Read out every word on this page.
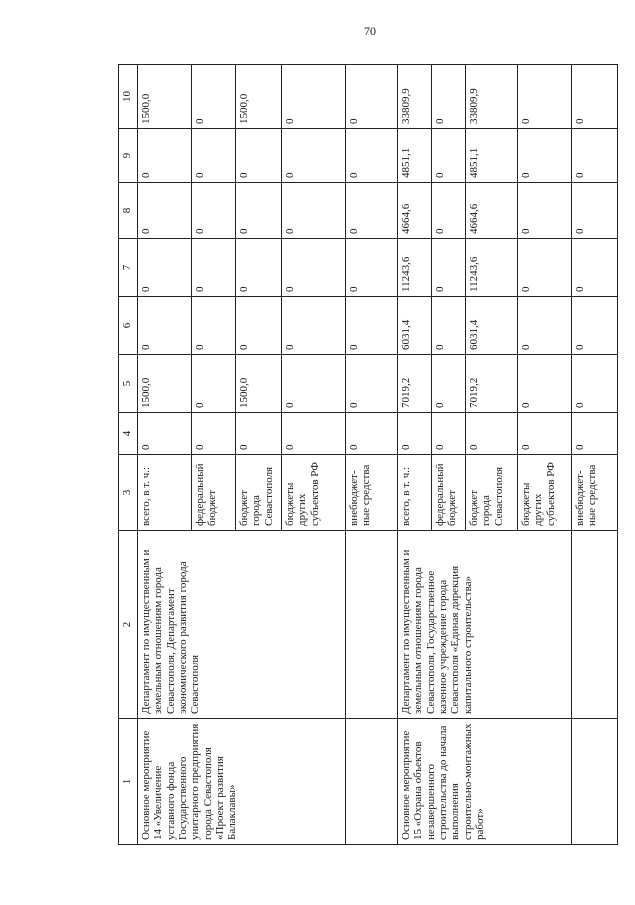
70
1	2	3	4	5	6	7	8	9	10
Основное мероприятие 14 «Увеличение уставного фонда Государственного унитарного предприятия города Севастополя «Проект развития Балаклавы»	Департамент по имущественным и земельным отношениям города Севастополя, Департамент экономического развития города Севастополя	всего, в т. ч.:	0	1500,0	0	0	0	0	1500,0
		федеральный бюджет	0	0	0	0	0	0	0
		бюджет города Севастополя	0	1500,0	0	0	0	0	1500,0
		бюджеты других субъектов РФ	0	0	0	0	0	0	0
		внебюджет-ные средства	0	0	0	0	0	0	0
Основное мероприятие 15 «Охрана объектов незавершенного строительства до начала выполнения строительно-монтажных работ»	Департамент по имущественным и земельным отношениям города Севастополя, Государственное казенное учреждение города Севастополя «Единая дирекция капитального строительства»	всего, в т. ч.:	0	7019,2	6031,4	11243,6	4664,6	4851,1	33809,9
		федеральный бюджет	0	0	0	0	0	0	0
		бюджет города Севастополя	0	7019,2	6031,4	11243,6	4664,6	4851,1	33809,9
		бюджеты других субъектов РФ	0	0	0	0	0	0	0
		внебюджет-ные средства	0	0	0	0	0	0	0
